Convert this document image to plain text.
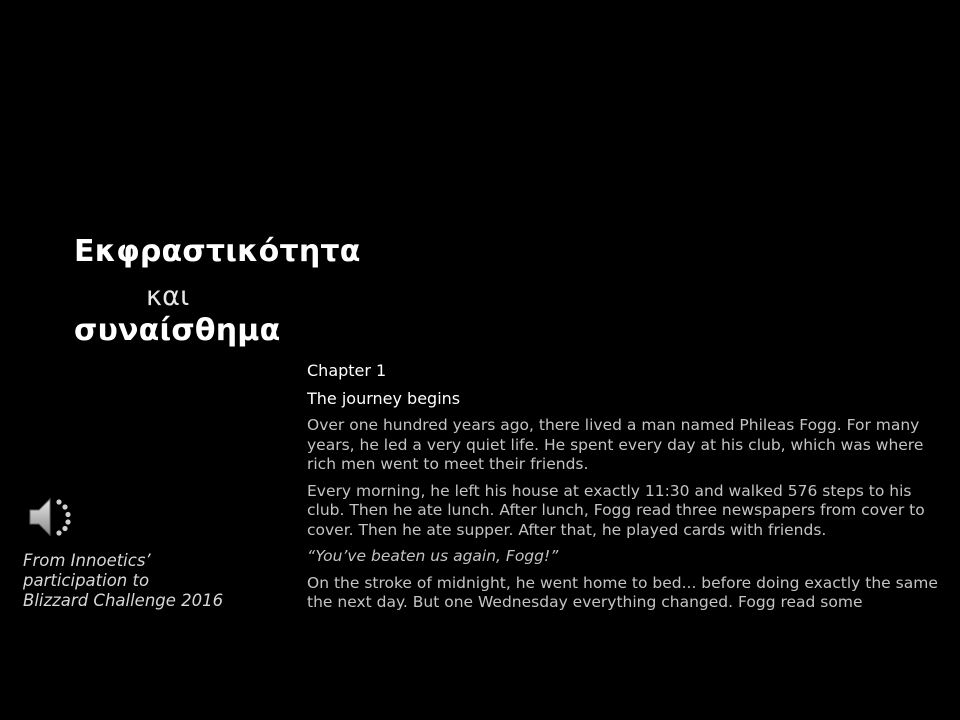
Εκφραστικότητα
και
συναίσθημα
Chapter 1
The journey begins

Over one hundred years ago, there lived a man named Phileas Fogg. For many years, he led a very quiet life. He spent every day at his club, which was where rich men went to meet their friends.

Every morning, he left his house at exactly 11:30 and walked 576 steps to his club. Then he ate lunch. After lunch, Fogg read three newspapers from cover to cover. Then he ate supper. After that, he played cards with friends.

“You’ve beaten us again, Fogg!”

On the stroke of midnight, he went home to bed... before doing exactly the same the next day. But one Wednesday everything changed. Fogg read some

From Innoetics’
participation to
Blizzard Challenge 2016
